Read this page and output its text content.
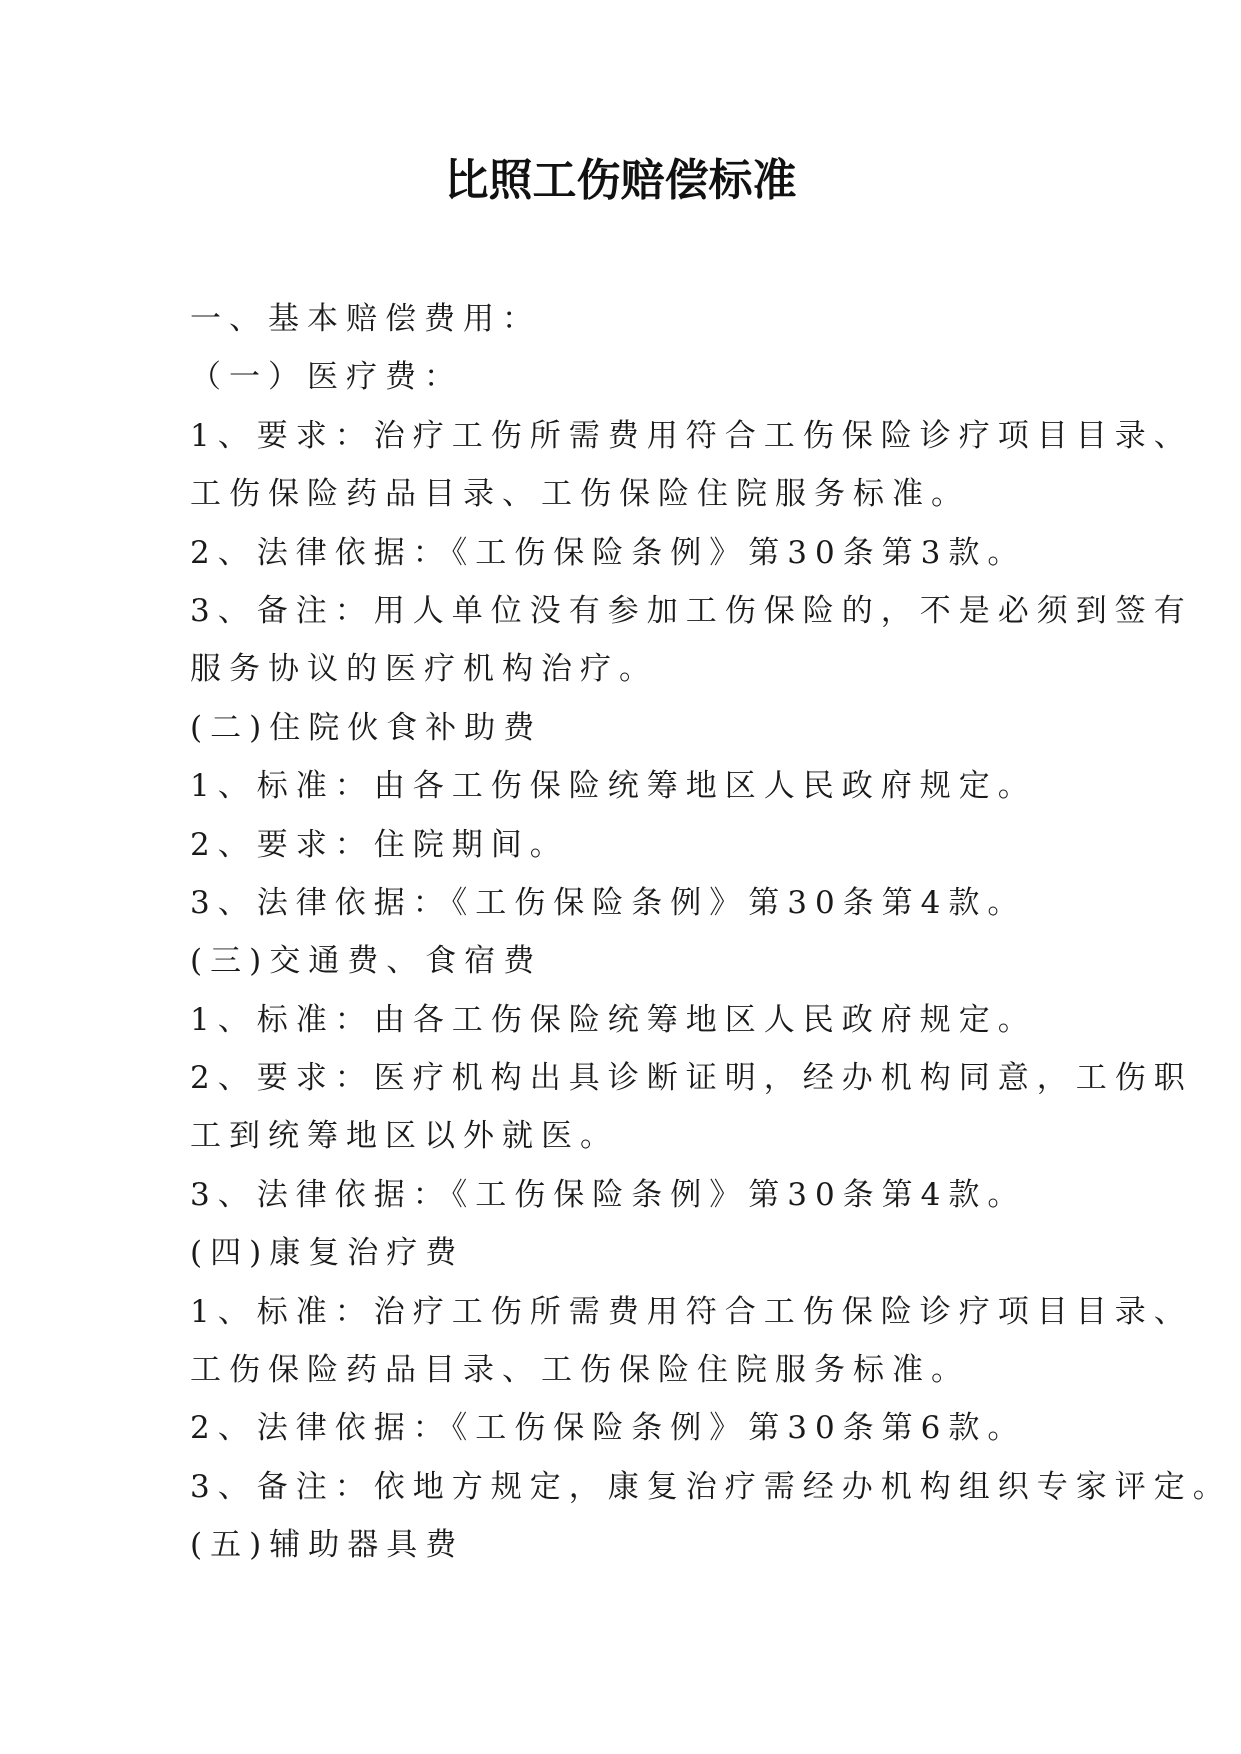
比照工伤赔偿标准
一、基本赔偿费用：
（一）医疗费：
1、要求：治疗工伤所需费用符合工伤保险诊疗项目目录、
工伤保险药品目录、工伤保险住院服务标准。
2、法律依据：《工伤保险条例》第30条第3款。
3、备注：用人单位没有参加工伤保险的，不是必须到签有
服务协议的医疗机构治疗。
(二)住院伙食补助费
1、标准：由各工伤保险统筹地区人民政府规定。
2、要求：住院期间。
3、法律依据：《工伤保险条例》第30条第4款。
(三)交通费、食宿费
1、标准：由各工伤保险统筹地区人民政府规定。
2、要求：医疗机构出具诊断证明，经办机构同意，工伤职
工到统筹地区以外就医。
3、法律依据：《工伤保险条例》第30条第4款。
(四)康复治疗费
1、标准：治疗工伤所需费用符合工伤保险诊疗项目目录、
工伤保险药品目录、工伤保险住院服务标准。
2、法律依据：《工伤保险条例》第30条第6款。
3、备注：依地方规定，康复治疗需经办机构组织专家评定。
(五)辅助器具费
